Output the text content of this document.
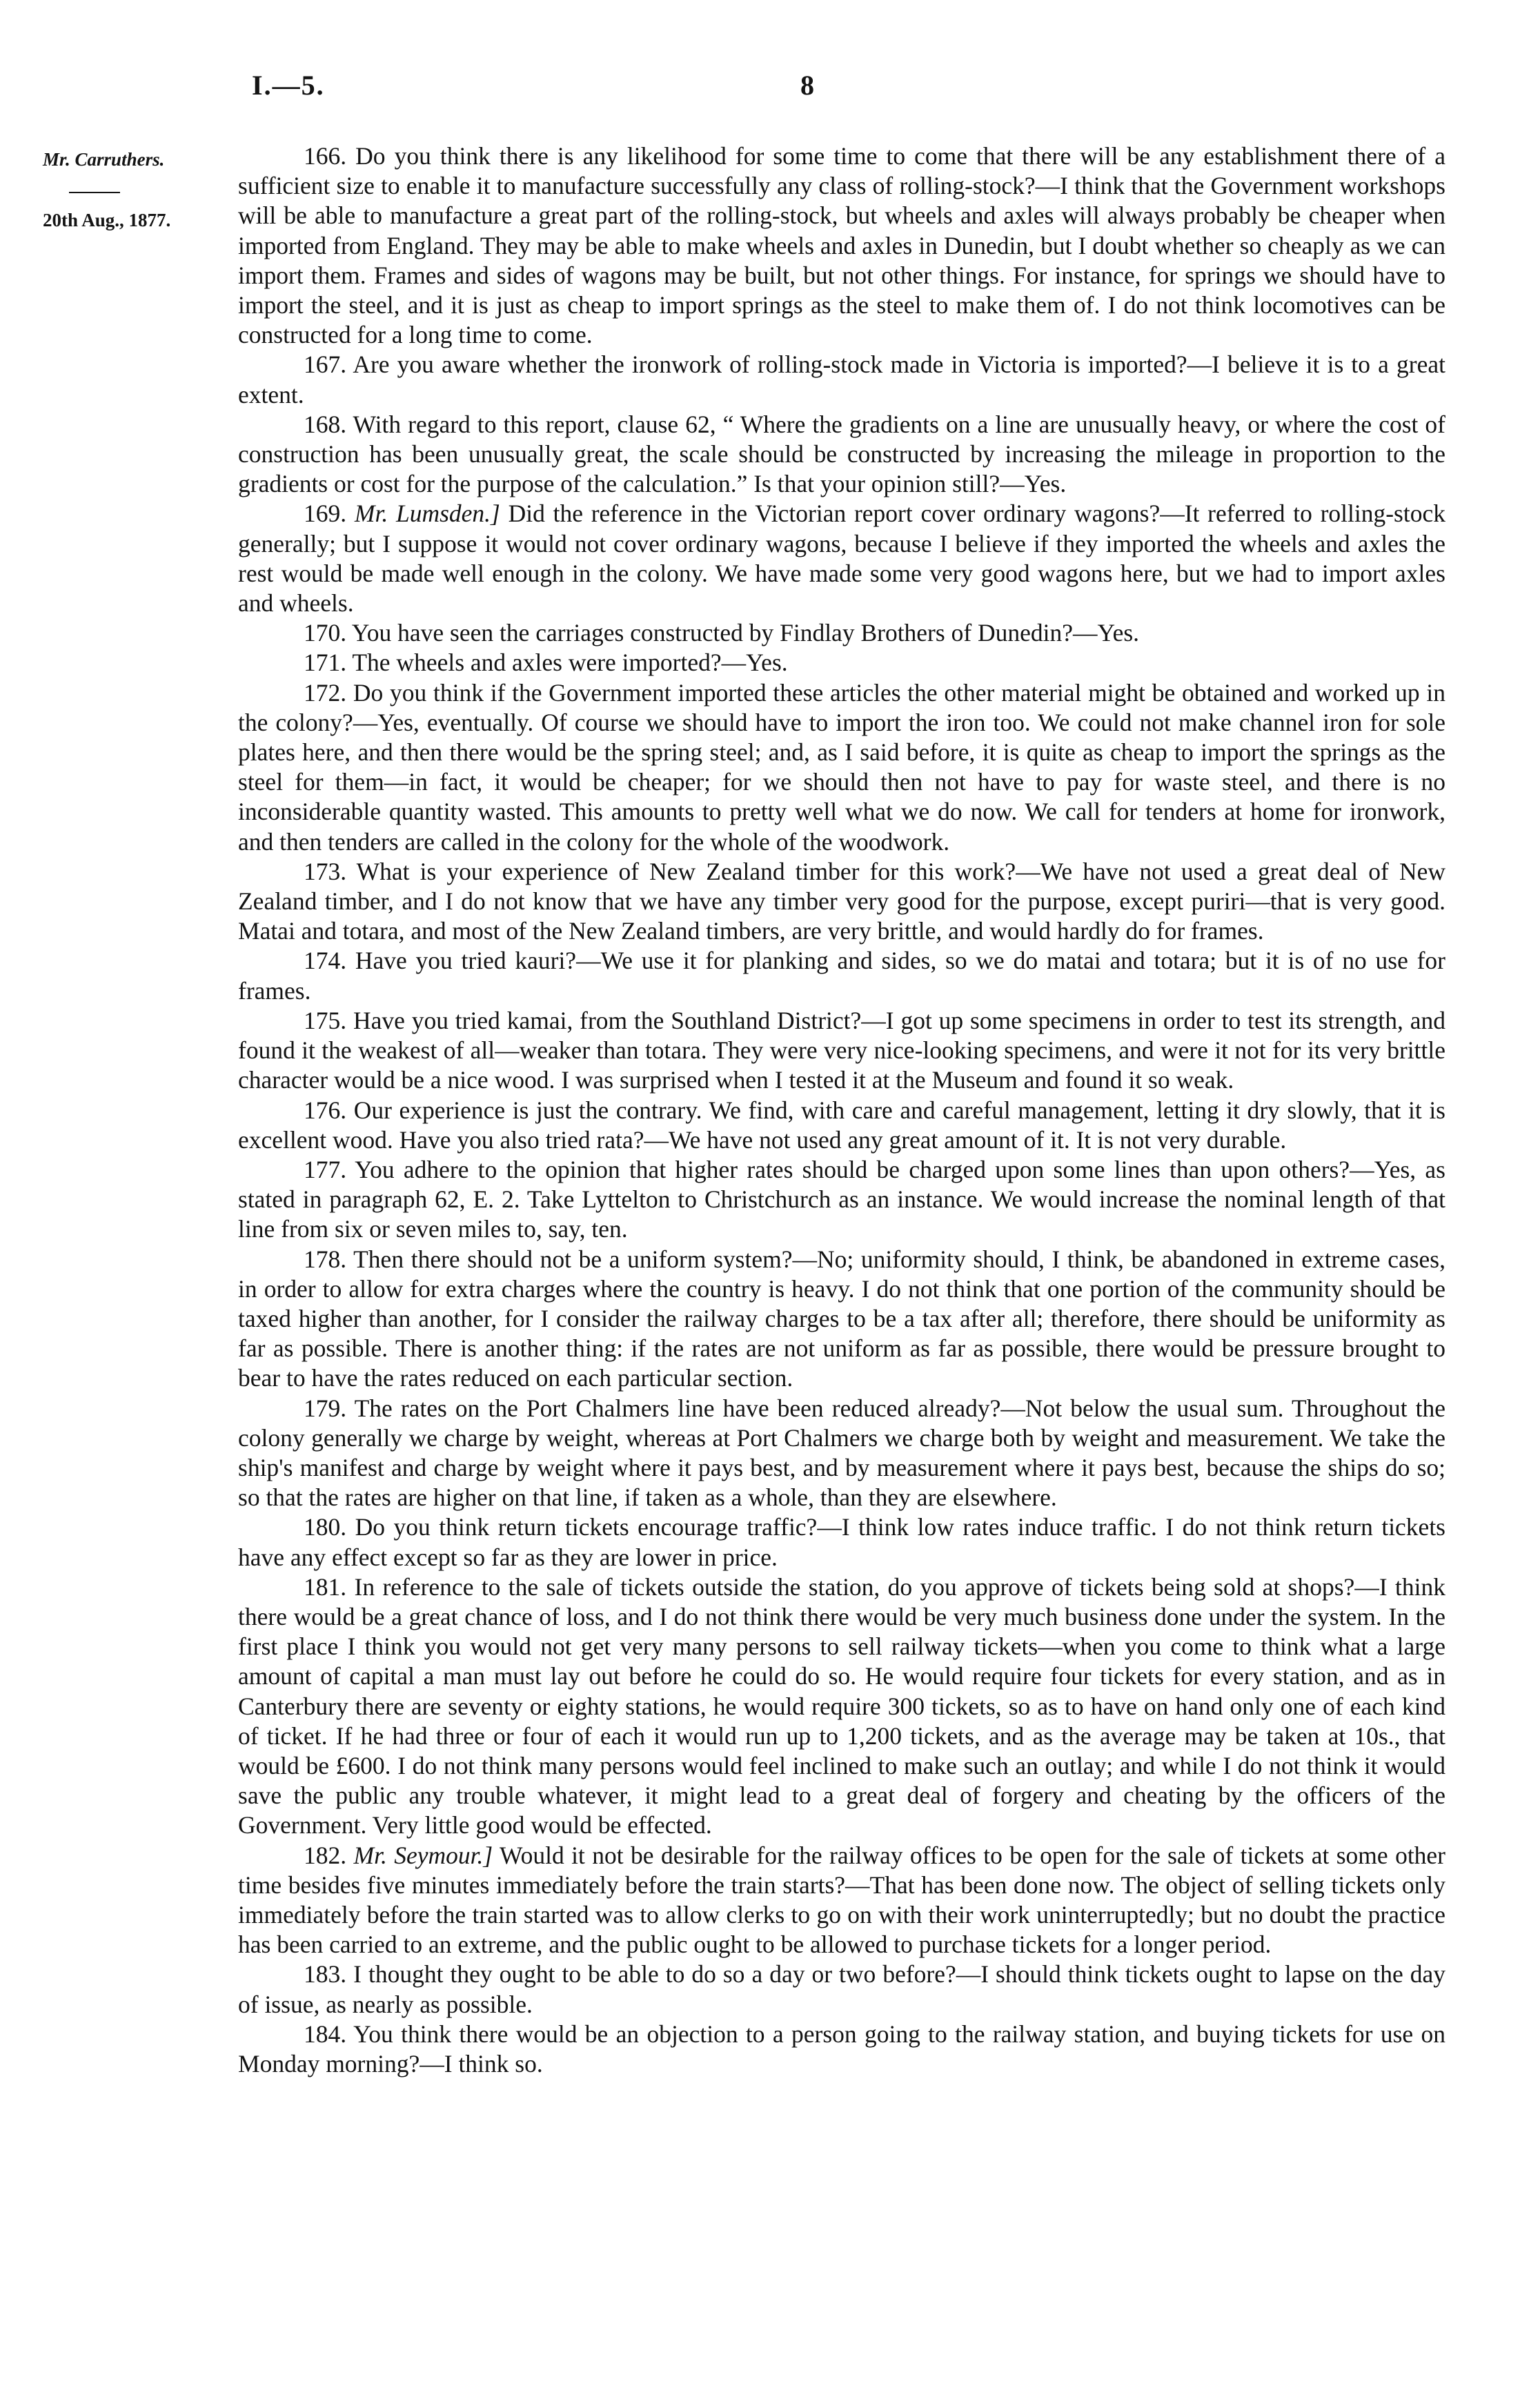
I.—5.	8
Mr. Carruthers.
20th Aug., 1877.

166. Do you think there is any likelihood for some time to come that there will be any establishment there of a sufficient size to enable it to manufacture successfully any class of rolling-stock?—I think that the Government workshops will be able to manufacture a great part of the rolling-stock, but wheels and axles will always probably be cheaper when imported from England. They may be able to make wheels and axles in Dunedin, but I doubt whether so cheaply as we can import them. Frames and sides of wagons may be built, but not other things. For instance, for springs we should have to import the steel, and it is just as cheap to import springs as the steel to make them of. I do not think locomotives can be constructed for a long time to come.

167. Are you aware whether the ironwork of rolling-stock made in Victoria is imported?—I believe it is to a great extent.

168. With regard to this report, clause 62, “ Where the gradients on a line are unusually heavy, or where the cost of construction has been unusually great, the scale should be constructed by increasing the mileage in proportion to the gradients or cost for the purpose of the calculation.” Is that your opinion still?—Yes.

169. Mr. Lumsden.] Did the reference in the Victorian report cover ordinary wagons?—It referred to rolling-stock generally; but I suppose it would not cover ordinary wagons, because I believe if they imported the wheels and axles the rest would be made well enough in the colony. We have made some very good wagons here, but we had to import axles and wheels.

170. You have seen the carriages constructed by Findlay Brothers of Dunedin?—Yes.

171. The wheels and axles were imported?—Yes.

172. Do you think if the Government imported these articles the other material might be obtained and worked up in the colony?—Yes, eventually. Of course we should have to import the iron too. We could not make channel iron for sole plates here, and then there would be the spring steel; and, as I said before, it is quite as cheap to import the springs as the steel for them—in fact, it would be cheaper; for we should then not have to pay for waste steel, and there is no inconsiderable quantity wasted. This amounts to pretty well what we do now. We call for tenders at home for ironwork, and then tenders are called in the colony for the whole of the woodwork.

173. What is your experience of New Zealand timber for this work?—We have not used a great deal of New Zealand timber, and I do not know that we have any timber very good for the purpose, except puriri—that is very good. Matai and totara, and most of the New Zealand timbers, are very brittle, and would hardly do for frames.

174. Have you tried kauri?—We use it for planking and sides, so we do matai and totara; but it is of no use for frames.

175. Have you tried kamai, from the Southland District?—I got up some specimens in order to test its strength, and found it the weakest of all—weaker than totara. They were very nice-looking specimens, and were it not for its very brittle character would be a nice wood. I was surprised when I tested it at the Museum and found it so weak.

176. Our experience is just the contrary. We find, with care and careful management, letting it dry slowly, that it is excellent wood. Have you also tried rata?—We have not used any great amount of it. It is not very durable.

177. You adhere to the opinion that higher rates should be charged upon some lines than upon others?—Yes, as stated in paragraph 62, E. 2. Take Lyttelton to Christchurch as an instance. We would increase the nominal length of that line from six or seven miles to, say, ten.

178. Then there should not be a uniform system?—No; uniformity should, I think, be abandoned in extreme cases, in order to allow for extra charges where the country is heavy. I do not think that one portion of the community should be taxed higher than another, for I consider the railway charges to be a tax after all; therefore, there should be uniformity as far as possible. There is another thing: if the rates are not uniform as far as possible, there would be pressure brought to bear to have the rates reduced on each particular section.

179. The rates on the Port Chalmers line have been reduced already?—Not below the usual sum. Throughout the colony generally we charge by weight, whereas at Port Chalmers we charge both by weight and measurement. We take the ship's manifest and charge by weight where it pays best, and by measurement where it pays best, because the ships do so; so that the rates are higher on that line, if taken as a whole, than they are elsewhere.

180. Do you think return tickets encourage traffic?—I think low rates induce traffic. I do not think return tickets have any effect except so far as they are lower in price.

181. In reference to the sale of tickets outside the station, do you approve of tickets being sold at shops?—I think there would be a great chance of loss, and I do not think there would be very much business done under the system. In the first place I think you would not get very many persons to sell railway tickets—when you come to think what a large amount of capital a man must lay out before he could do so. He would require four tickets for every station, and as in Canterbury there are seventy or eighty stations, he would require 300 tickets, so as to have on hand only one of each kind of ticket. If he had three or four of each it would run up to 1,200 tickets, and as the average may be taken at 10s., that would be £600. I do not think many persons would feel inclined to make such an outlay; and while I do not think it would save the public any trouble whatever, it might lead to a great deal of forgery and cheating by the officers of the Government. Very little good would be effected.

182. Mr. Seymour.] Would it not be desirable for the railway offices to be open for the sale of tickets at some other time besides five minutes immediately before the train starts?—That has been done now. The object of selling tickets only immediately before the train started was to allow clerks to go on with their work uninterruptedly; but no doubt the practice has been carried to an extreme, and the public ought to be allowed to purchase tickets for a longer period.

183. I thought they ought to be able to do so a day or two before?—I should think tickets ought to lapse on the day of issue, as nearly as possible.

184. You think there would be an objection to a person going to the railway station, and buying tickets for use on Monday morning?—I think so.
